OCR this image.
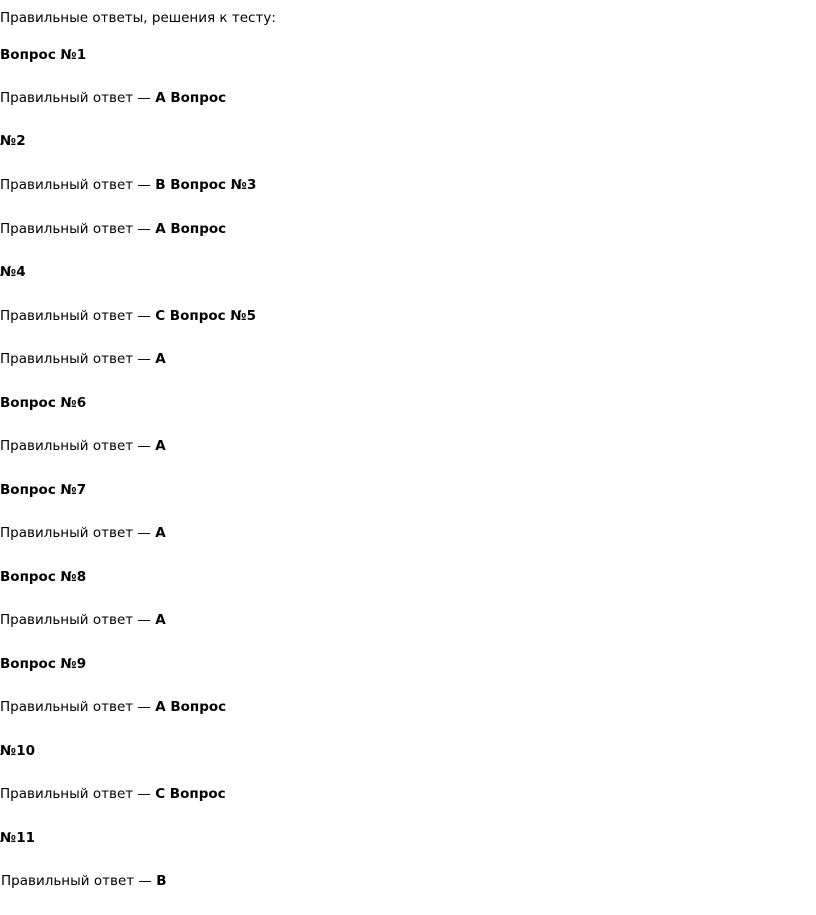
Правильные ответы, решения к тесту:
Вопрос №1
Правильный ответ — А Вопрос
№2
Правильный ответ — В Вопрос №3
Правильный ответ — А Вопрос
№4
Правильный ответ — С Вопрос №5
Правильный ответ — А
Вопрос №6
Правильный ответ — А
Вопрос №7
Правильный ответ — А
Вопрос №8
Правильный ответ — А
Вопрос №9
Правильный ответ — А Вопрос
№10
Правильный ответ — С Вопрос
№11
Правильный ответ — В
